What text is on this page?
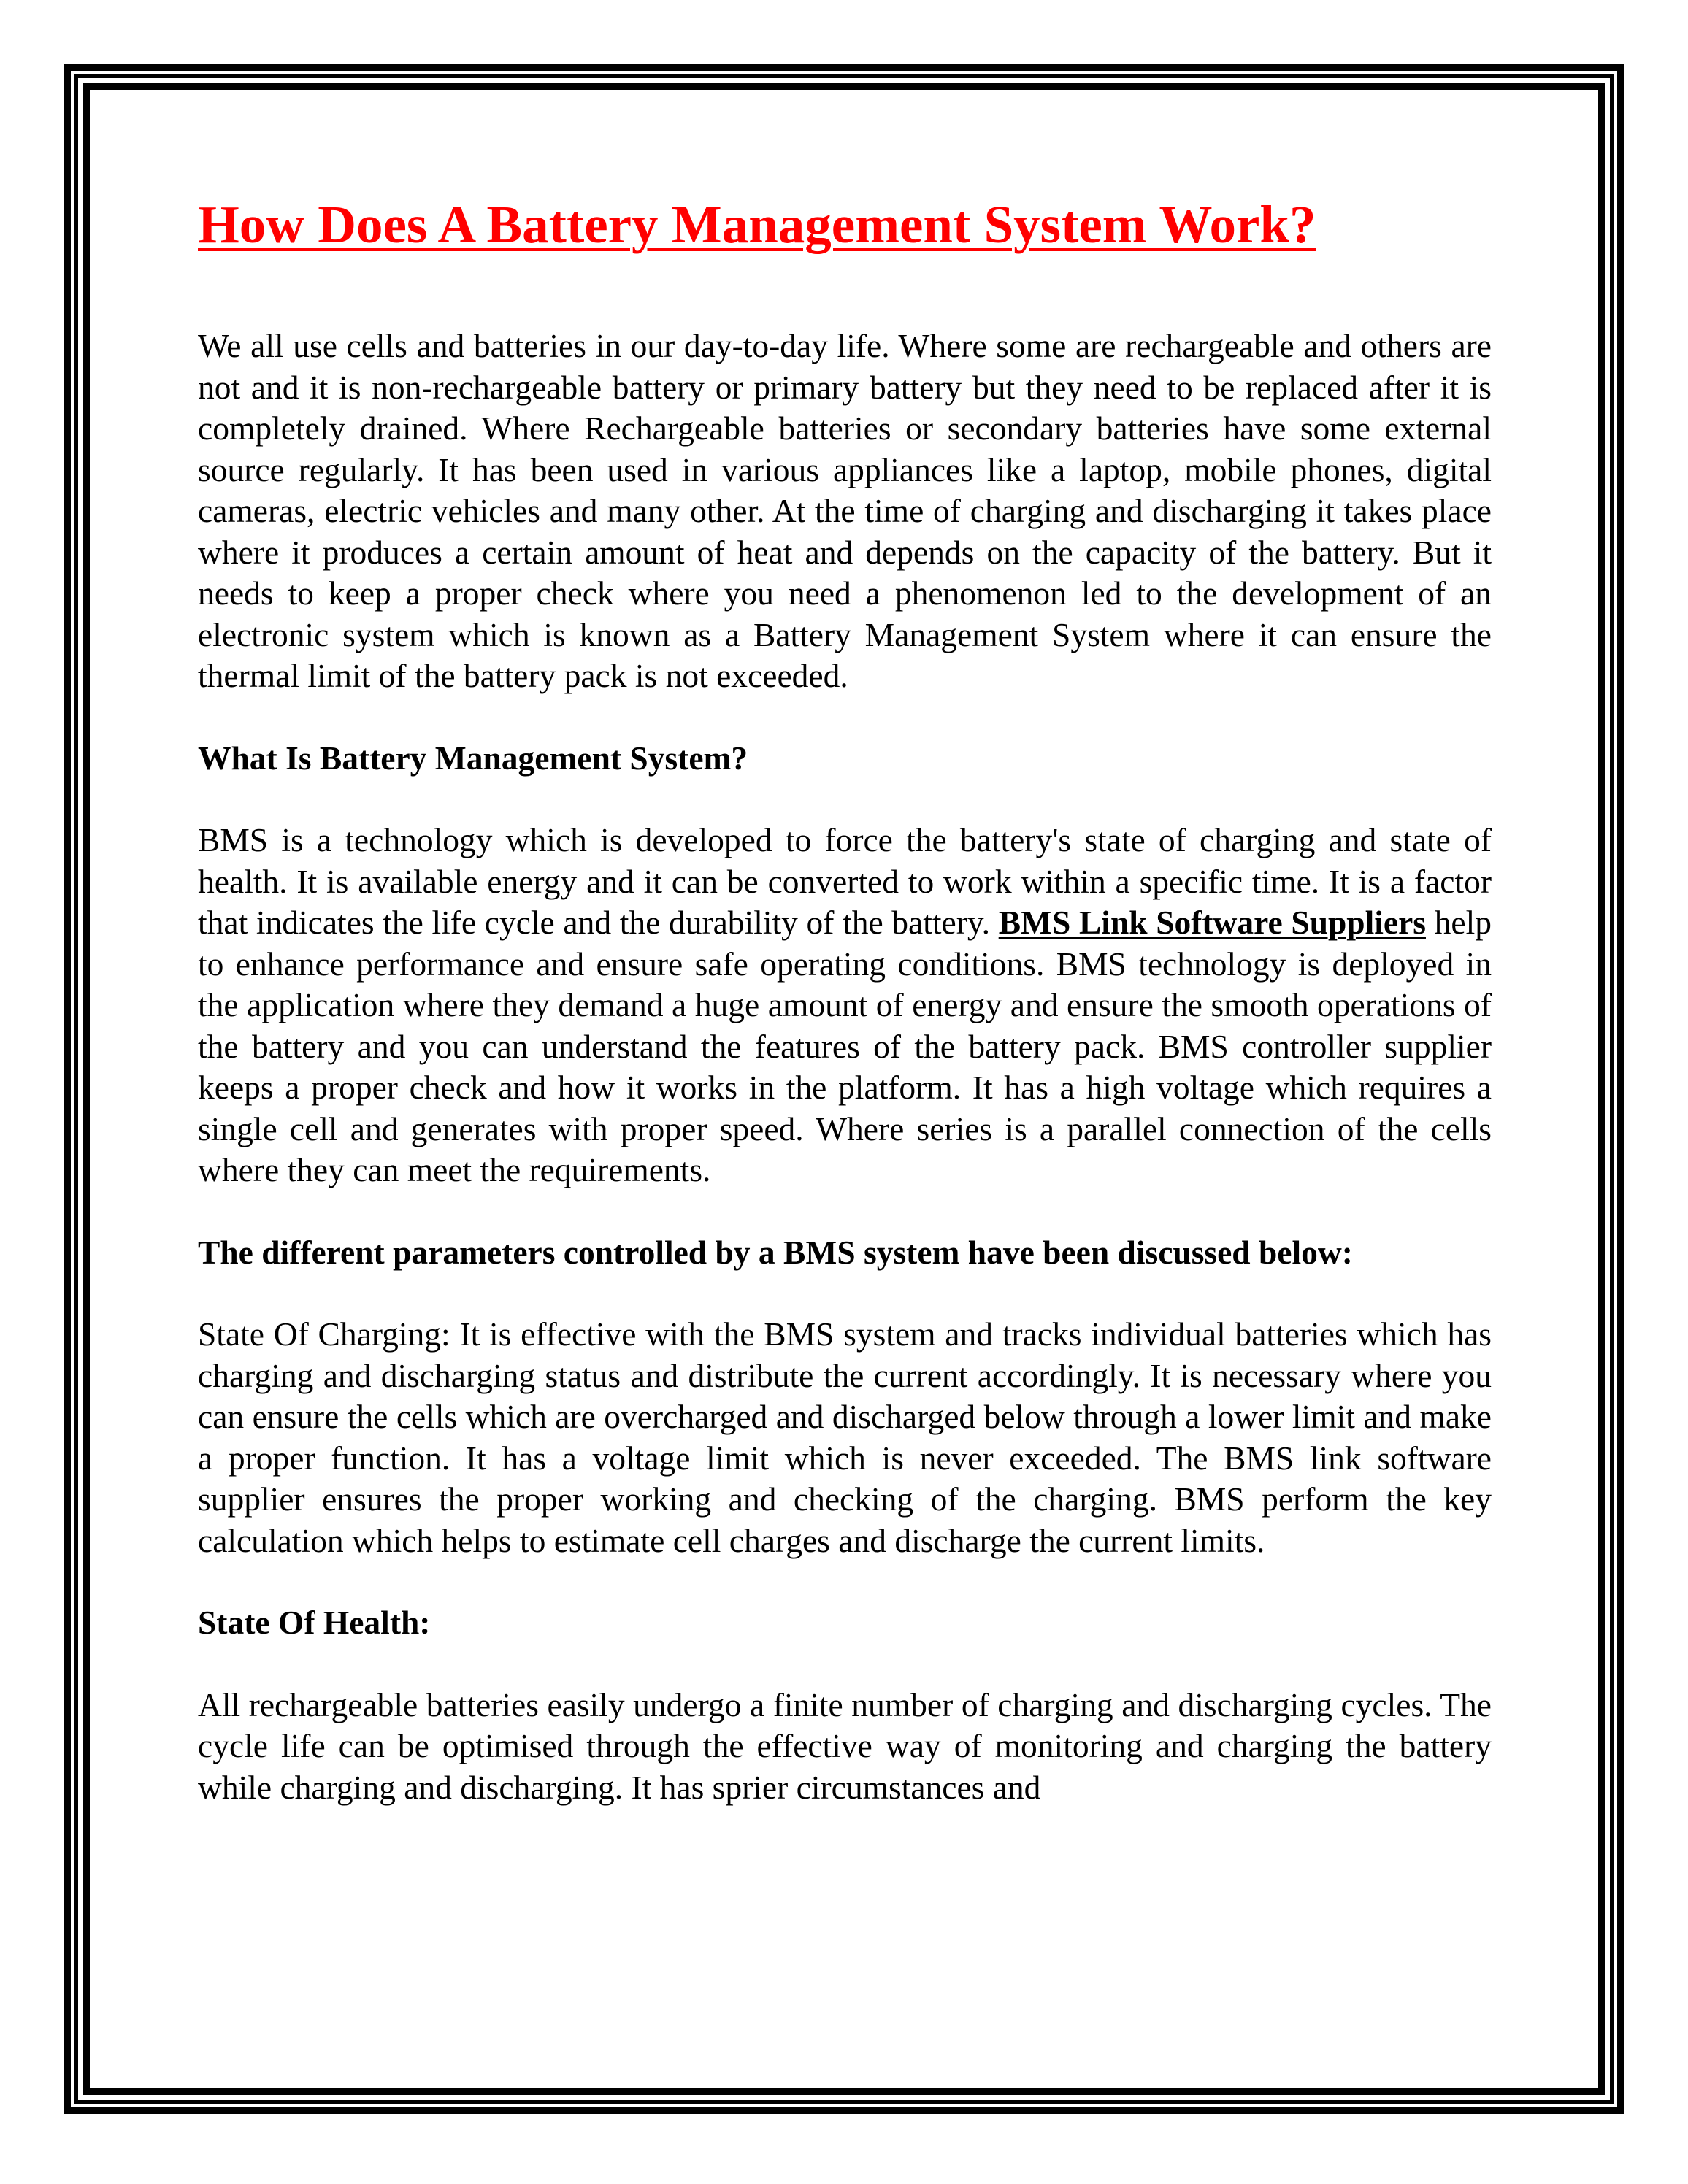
How Does A Battery Management System Work?

We all use cells and batteries in our day-to-day life. Where some are rechargeable and others are not and it is non-rechargeable battery or primary battery but they need to be replaced after it is completely drained. Where Rechargeable batteries or secondary batteries have some external source regularly. It has been used in various appliances like a laptop, mobile phones, digital cameras, electric vehicles and many other. At the time of charging and discharging it takes place where it produces a certain amount of heat and depends on the capacity of the battery. But it needs to keep a proper check where you need a phenomenon led to the development of an electronic system which is known as a Battery Management System where it can ensure the thermal limit of the battery pack is not exceeded.

What Is Battery Management System?

BMS is a technology which is developed to force the battery's state of charging and state of health. It is available energy and it can be converted to work within a specific time. It is a factor that indicates the life cycle and the durability of the battery. BMS Link Software Suppliers help to enhance performance and ensure safe operating conditions. BMS technology is deployed in the application where they demand a huge amount of energy and ensure the smooth operations of the battery and you can understand the features of the battery pack. BMS controller supplier keeps a proper check and how it works in the platform. It has a high voltage which requires a single cell and generates with proper speed. Where series is a parallel connection of the cells where they can meet the requirements.

The different parameters controlled by a BMS system have been discussed below:

State Of Charging: It is effective with the BMS system and tracks individual batteries which has charging and discharging status and distribute the current accordingly. It is necessary where you can ensure the cells which are overcharged and discharged below through a lower limit and make a proper function. It has a voltage limit which is never exceeded. The BMS link software supplier ensures the proper working and checking of the charging. BMS perform the key calculation which helps to estimate cell charges and discharge the current limits.

State Of Health:

All rechargeable batteries easily undergo a finite number of charging and discharging cycles. The cycle life can be optimised through the effective way of monitoring and charging the battery while charging and discharging. It has sprier circumstances and
